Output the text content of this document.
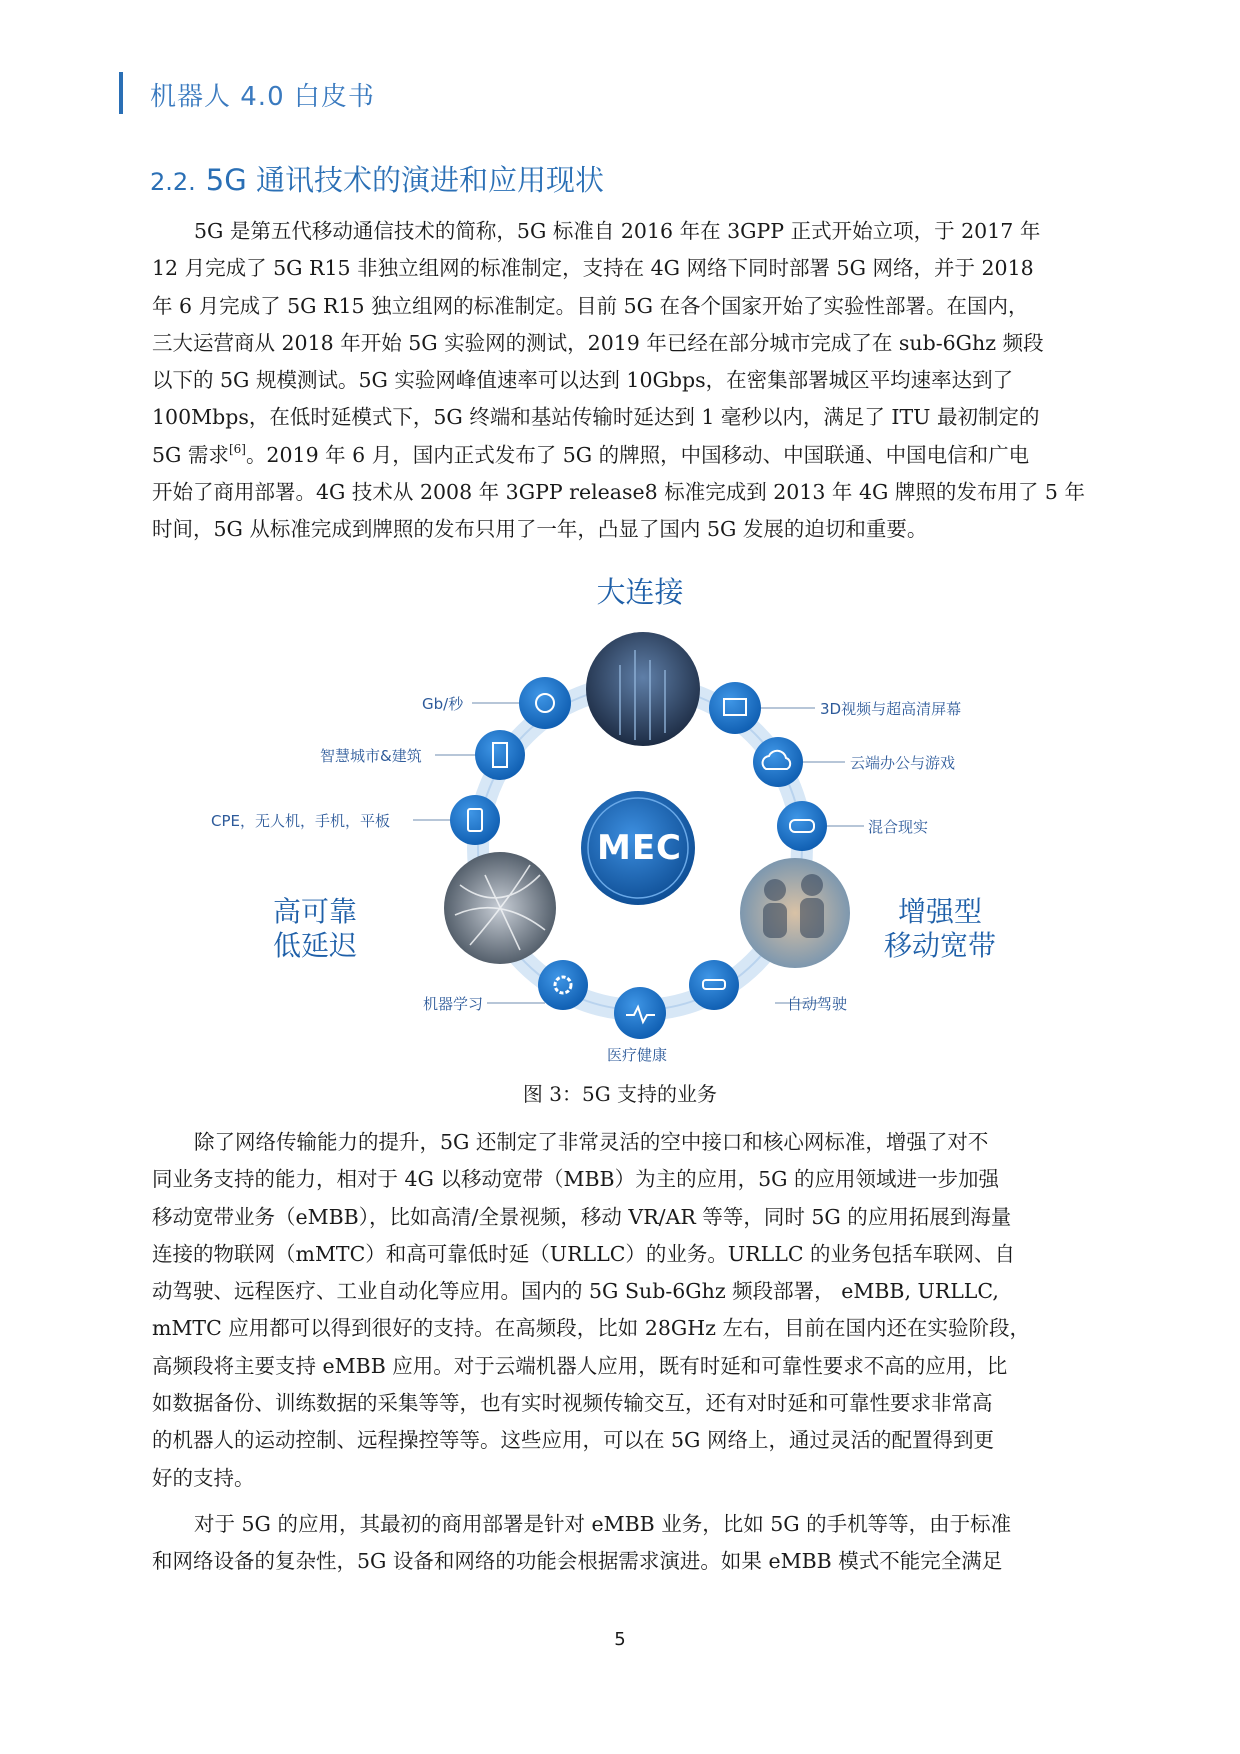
机器人 4.0 白皮书
2.2. 5G 通讯技术的演进和应用现状
5G 是第五代移动通信技术的简称，5G 标准自 2016 年在 3GPP 正式开始立项，于 2017 年
12 月完成了 5G R15 非独立组网的标准制定，支持在 4G 网络下同时部署 5G 网络，并于 2018
年 6 月完成了 5G R15 独立组网的标准制定。目前 5G 在各个国家开始了实验性部署。在国内，
三大运营商从 2018 年开始 5G 实验网的测试，2019 年已经在部分城市完成了在 sub-6Ghz 频段
以下的 5G 规模测试。5G 实验网峰值速率可以达到 10Gbps，在密集部署城区平均速率达到了
100Mbps，在低时延模式下，5G 终端和基站传输时延达到 1 毫秒以内，满足了 ITU 最初制定的
5G 需求[6]。2019 年 6 月，国内正式发布了 5G 的牌照，中国移动、中国联通、中国电信和广电
开始了商用部署。4G 技术从 2008 年 3GPP release8 标准完成到 2013 年 4G 牌照的发布用了 5 年
时间，5G 从标准完成到牌照的发布只用了一年，凸显了国内 5G 发展的迫切和重要。
MEC
大连接
高可靠
低延迟
增强型
移动宽带
Gb/秒
智慧城市&建筑
CPE，无人机，手机，平板
3D视频与超高清屏幕
云端办公与游戏
混合现实
机器学习
医疗健康
自动驾驶
图 3：5G 支持的业务
除了网络传输能力的提升，5G 还制定了非常灵活的空中接口和核心网标准，增强了对不
同业务支持的能力，相对于 4G 以移动宽带（MBB）为主的应用，5G 的应用领域进一步加强
移动宽带业务（eMBB），比如高清/全景视频，移动 VR/AR 等等，同时 5G 的应用拓展到海量
连接的物联网（mMTC）和高可靠低时延（URLLC）的业务。URLLC 的业务包括车联网、自
动驾驶、远程医疗、工业自动化等应用。国内的 5G Sub-6Ghz 频段部署， eMBB, URLLC,
mMTC 应用都可以得到很好的支持。在高频段，比如 28GHz 左右，目前在国内还在实验阶段，
高频段将主要支持 eMBB 应用。对于云端机器人应用，既有时延和可靠性要求不高的应用，比
如数据备份、训练数据的采集等等，也有实时视频传输交互，还有对时延和可靠性要求非常高
的机器人的运动控制、远程操控等等。这些应用，可以在 5G 网络上，通过灵活的配置得到更
好的支持。
对于 5G 的应用，其最初的商用部署是针对 eMBB 业务，比如 5G 的手机等等，由于标准
和网络设备的复杂性，5G 设备和网络的功能会根据需求演进。如果 eMBB 模式不能完全满足
5
